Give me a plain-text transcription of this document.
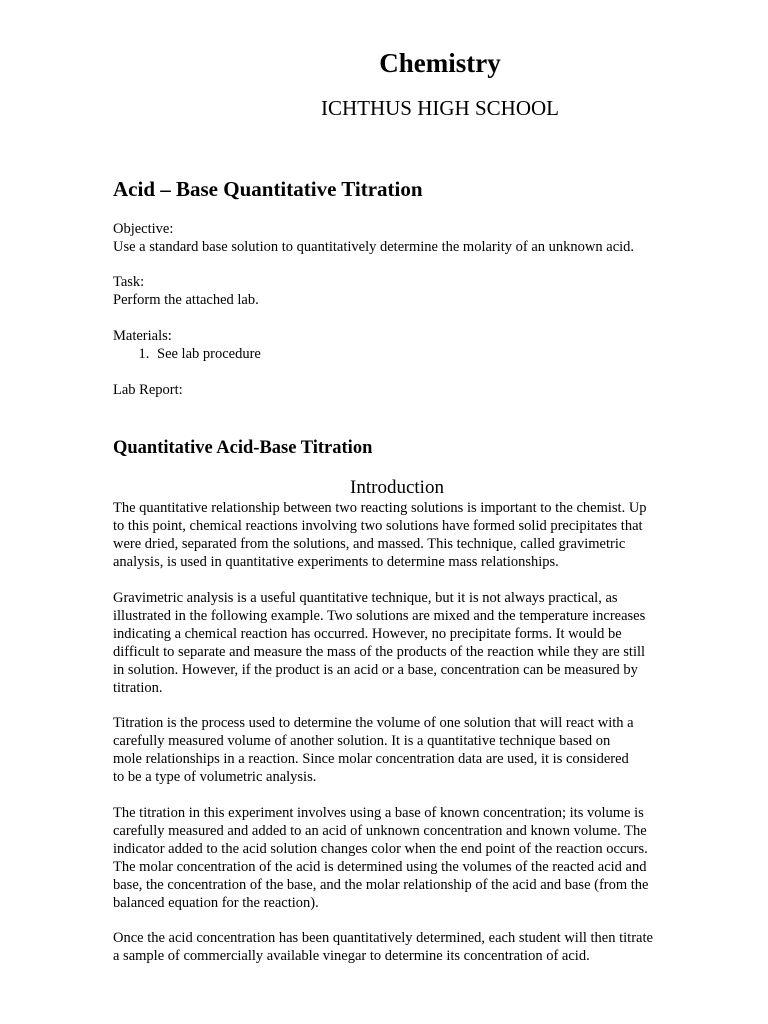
Chemistry
ICHTHUS HIGH SCHOOL
Acid – Base Quantitative Titration
Objective:
Use a standard base solution to quantitatively determine the molarity of an unknown acid.
Task:
Perform the attached lab.
Materials:
1. See lab procedure
Lab Report:
Quantitative Acid-Base Titration
Introduction
The quantitative relationship between two reacting solutions is important to the chemist. Up
to this point, chemical reactions involving two solutions have formed solid precipitates that
were dried, separated from the solutions, and massed. This technique, called gravimetric
analysis, is used in quantitative experiments to determine mass relationships.
Gravimetric analysis is a useful quantitative technique, but it is not always practical, as
illustrated in the following example. Two solutions are mixed and the temperature increases
indicating a chemical reaction has occurred. However, no precipitate forms. It would be
difficult to separate and measure the mass of the products of the reaction while they are still
in solution. However, if the product is an acid or a base, concentration can be measured by
titration.
Titration is the process used to determine the volume of one solution that will react with a
carefully measured volume of another solution. It is a quantitative technique based on
mole relationships in a reaction. Since molar concentration data are used, it is considered
to be a type of volumetric analysis.
The titration in this experiment involves using a base of known concentration; its volume is
carefully measured and added to an acid of unknown concentration and known volume. The
indicator added to the acid solution changes color when the end point of the reaction occurs.
The molar concentration of the acid is determined using the volumes of the reacted acid and
base, the concentration of the base, and the molar relationship of the acid and base (from the
balanced equation for the reaction).
Once the acid concentration has been quantitatively determined, each student will then titrate
a sample of commercially available vinegar to determine its concentration of acid.
